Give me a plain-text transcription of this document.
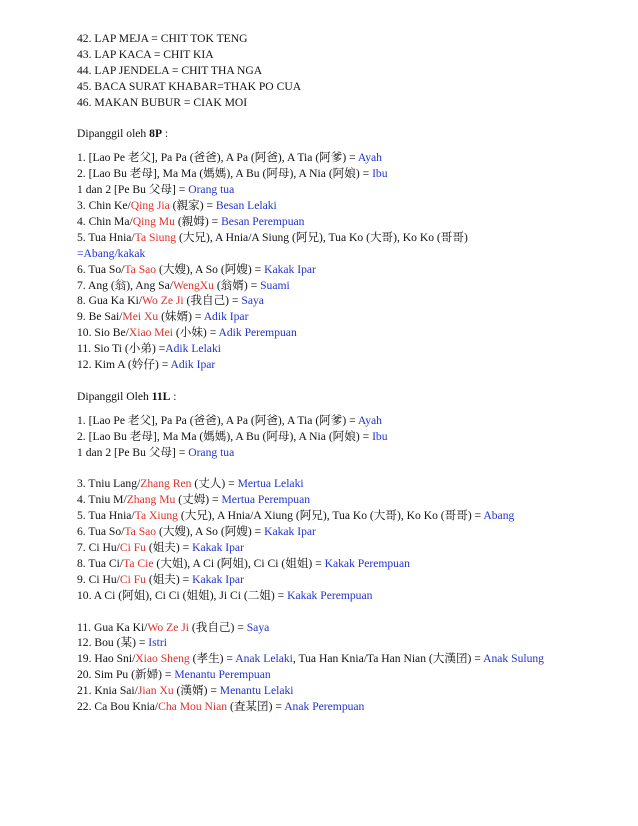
42. LAP MEJA = CHIT TOK TENG
43. LAP KACA = CHIT KIA
44. LAP JENDELA = CHIT THA NGA
45. BACA SURAT KHABAR=THAK PO CUA
46. MAKAN BUBUR = CIAK MOI
Dipanggil oleh 8P :
1. [Lao Pe 老父], Pa Pa (爸爸), A Pa (阿爸), A Tia (阿爹) = Ayah
2. [Lao Bu 老母], Ma Ma (媽媽), A Bu (阿母), A Nia (阿娘) = Ibu
1 dan 2 [Pe Bu 父母] = Orang tua
3. Chin Ke/Qing Jia (親家) = Besan Lelaki
4. Chin Ma/Qing Mu (親姆) = Besan Perempuan
5. Tua Hnia/Ta Siung (大兄), A Hnia/A Siung (阿兄), Tua Ko (大哥), Ko Ko (哥哥)
=Abang/kakak
6. Tua So/Ta Sao (大嫂), A So (阿嫂) = Kakak Ipar
7. Ang (翁), Ang Sa/WengXu (翁婿) = Suami
8. Gua Ka Ki/Wo Ze Ji (我自己) = Saya
9. Be Sai/Mei Xu (妹婿) = Adik Ipar
10. Sio Be/Xiao Mei (小妹) = Adik Perempuan
11. Sio Ti (小弟) =Adik Lelaki
12. Kim A (妗仔) = Adik Ipar
Dipanggil Oleh 11L :
1. [Lao Pe 老父], Pa Pa (爸爸), A Pa (阿爸), A Tia (阿爹) = Ayah
2. [Lao Bu 老母], Ma Ma (媽媽), A Bu (阿母), A Nia (阿娘) = Ibu
1 dan 2 [Pe Bu 父母] = Orang tua
3. Tniu Lang/Zhang Ren (丈人) = Mertua Lelaki
4. Tniu M/Zhang Mu (丈姆) = Mertua Perempuan
5. Tua Hnia/Ta Xiung (大兄), A Hnia/A Xiung (阿兄), Tua Ko (大哥), Ko Ko (哥哥) = Abang
6. Tua So/Ta Sao (大嫂), A So (阿嫂) = Kakak Ipar
7. Ci Hu/Ci Fu (姐夫) = Kakak Ipar
8. Tua Ci/Ta Cie (大姐), A Ci (阿姐), Ci Ci (姐姐) = Kakak Perempuan
9. Ci Hu/Ci Fu (姐夫) = Kakak Ipar
10. A Ci (阿姐), Ci Ci (姐姐), Ji Ci (二姐) = Kakak Perempuan
11. Gua Ka Ki/Wo Ze Ji (我自己) = Saya
12. Bou (某) = Istri
19. Hao Sni/Xiao Sheng (孝生) = Anak Lelaki, Tua Han Knia/Ta Han Nian (大漢囝) = Anak Sulung
20. Sim Pu (新婦) = Menantu Perempuan
21. Knia Sai/Jian Xu (漢婿) = Menantu Lelaki
22. Ca Bou Knia/Cha Mou Nian (査某囝) = Anak Perempuan
